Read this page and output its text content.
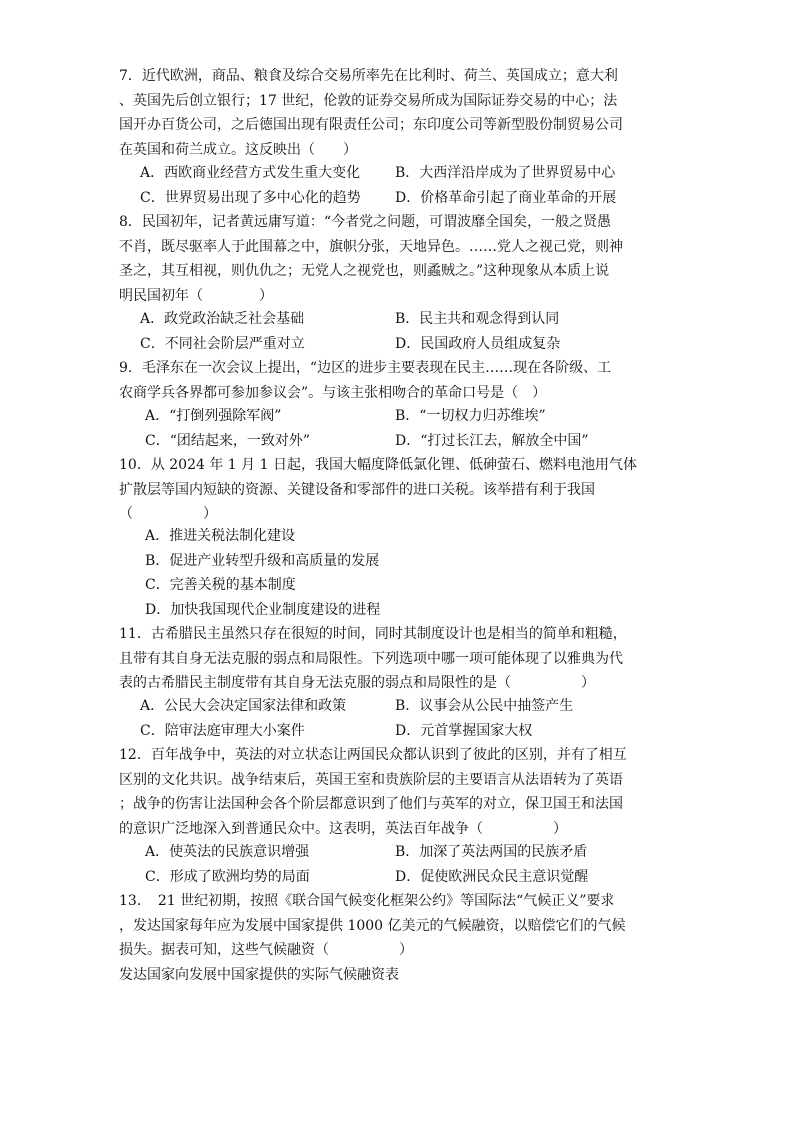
7．近代欧洲，商品、粮食及综合交易所率先在比利时、荷兰、英国成立；意大利
、英国先后创立银行；17 世纪，伦敦的证券交易所成为国际证券交易的中心；法
国开办百货公司，之后德国出现有限责任公司；东印度公司等新型股份制贸易公司
在英国和荷兰成立。这反映出（　　）
A．西欧商业经营方式发生重大变化 B．大西洋沿岸成为了世界贸易中心
C．世界贸易出现了多中心化的趋势 D．价格革命引起了商业革命的开展
8．民国初年，记者黄远庸写道：“今者党之问题，可谓波靡全国矣，一般之贤愚
不肖，既尽驱率人于此围幕之中，旗帜分张，天地异色。……党人之视己党，则神
圣之，其互相视，则仇仇之；无党人之视党也，则蟊贼之。”这种现象从本质上说
明民国初年（　　　　）
A．政党政治缺乏社会基础	B．民主共和观念得到认同
C．不同社会阶层严重对立	D．民国政府人员组成复杂
9．毛泽东在一次会议上提出，“边区的进步主要表现在民主……现在各阶级、工
农商学兵各界都可参加参议会”。与该主张相吻合的革命口号是（　）
A．“打倒列强除军阀”	B．“一切权力归苏维埃”
C．“团结起来，一致对外”	D．“打过长江去，解放全中国”
10．从 2024 年 1 月 1 日起，我国大幅度降低氯化锂、低砷萤石、燃料电池用气体
扩散层等国内短缺的资源、关键设备和零部件的进口关税。该举措有利于我国
（　　　　　）
A．推进关税法制化建设
B．促进产业转型升级和高质量的发展
C．完善关税的基本制度
D．加快我国现代企业制度建设的进程
11．古希腊民主虽然只存在很短的时间，同时其制度设计也是相当的简单和粗糙，
且带有其自身无法克服的弱点和局限性。下列选项中哪一项可能体现了以雅典为代
表的古希腊民主制度带有其自身无法克服的弱点和局限性的是（　　　　　）
A．公民大会决定国家法律和政策	B．议事会从公民中抽签产生
C．陪审法庭审理大小案件	D．元首掌握国家大权
12．百年战争中，英法的对立状态让两国民众都认识到了彼此的区别，并有了相互
区别的文化共识。战争结束后，英国王室和贵族阶层的主要语言从法语转为了英语
；战争的伤害让法国种会各个阶层都意识到了他们与英军的对立，保卫国王和法国
的意识广泛地深入到普通民众中。这表明，英法百年战争（　　　　　）
A．使英法的民族意识增强	B．加深了英法两国的民族矛盾
C．形成了欧洲均势的局面	D．促使欧洲民众民主意识觉醒
13．　21 世纪初期，按照《联合国气候变化框架公约》等国际法“气候正义”要求
，发达国家每年应为发展中国家提供 1000 亿美元的气候融资，以赔偿它们的气候
损失。据表可知，这些气候融资（　　　　　）
发达国家向发展中国家提供的实际气候融资表
